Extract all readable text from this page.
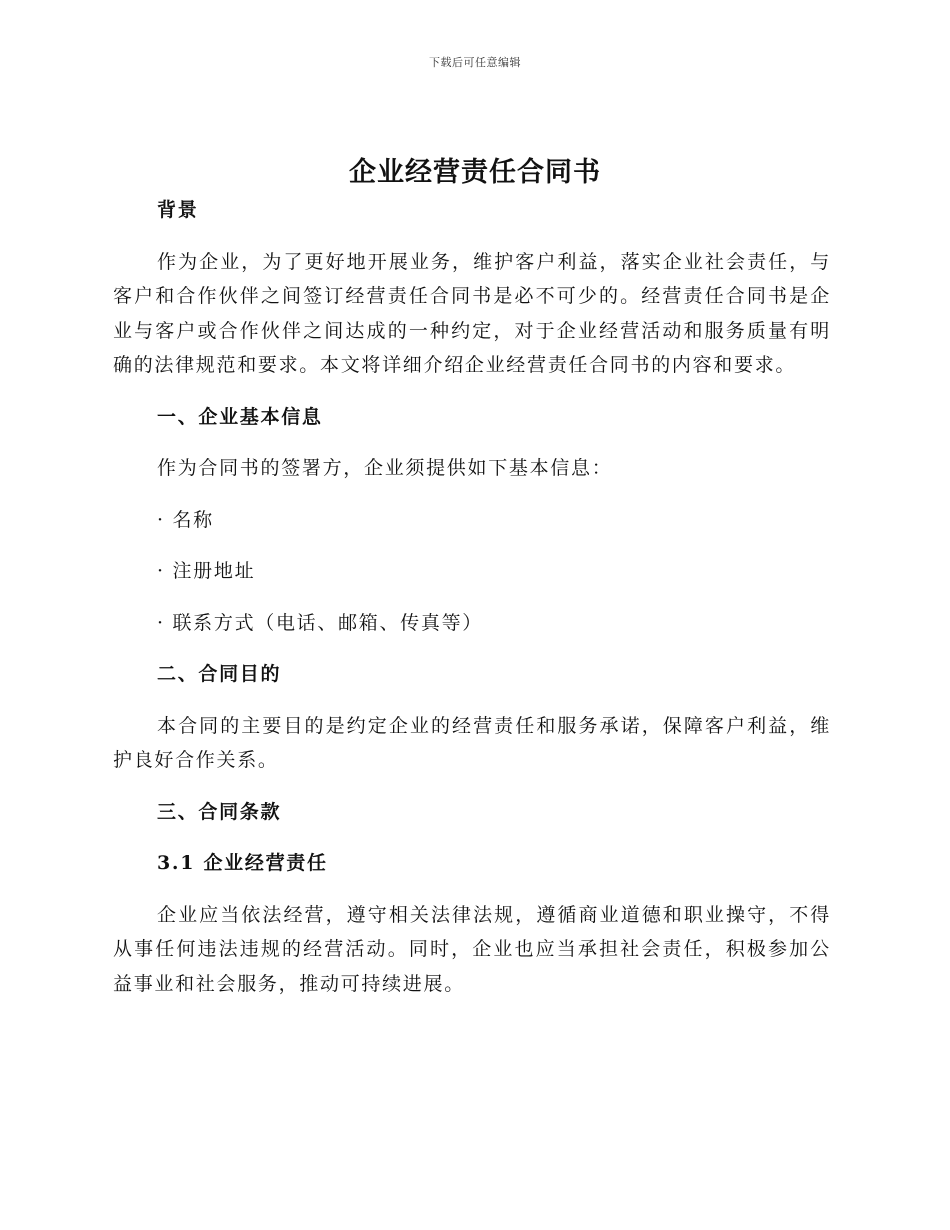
下载后可任意编辑
企业经营责任合同书

背景

作为企业，为了更好地开展业务，维护客户利益，落实企业社会责任，与客户和合作伙伴之间签订经营责任合同书是必不可少的。经营责任合同书是企业与客户或合作伙伴之间达成的一种约定，对于企业经营活动和服务质量有明确的法律规范和要求。本文将详细介绍企业经营责任合同书的内容和要求。

一、企业基本信息

作为合同书的签署方，企业须提供如下基本信息：

· 名称

· 注册地址

· 联系方式（电话、邮箱、传真等）

二、合同目的

本合同的主要目的是约定企业的经营责任和服务承诺，保障客户利益，维护良好合作关系。

三、合同条款

3.1 企业经营责任

企业应当依法经营，遵守相关法律法规，遵循商业道德和职业操守，不得从事任何违法违规的经营活动。同时，企业也应当承担社会责任，积极参加公益事业和社会服务，推动可持续进展。
